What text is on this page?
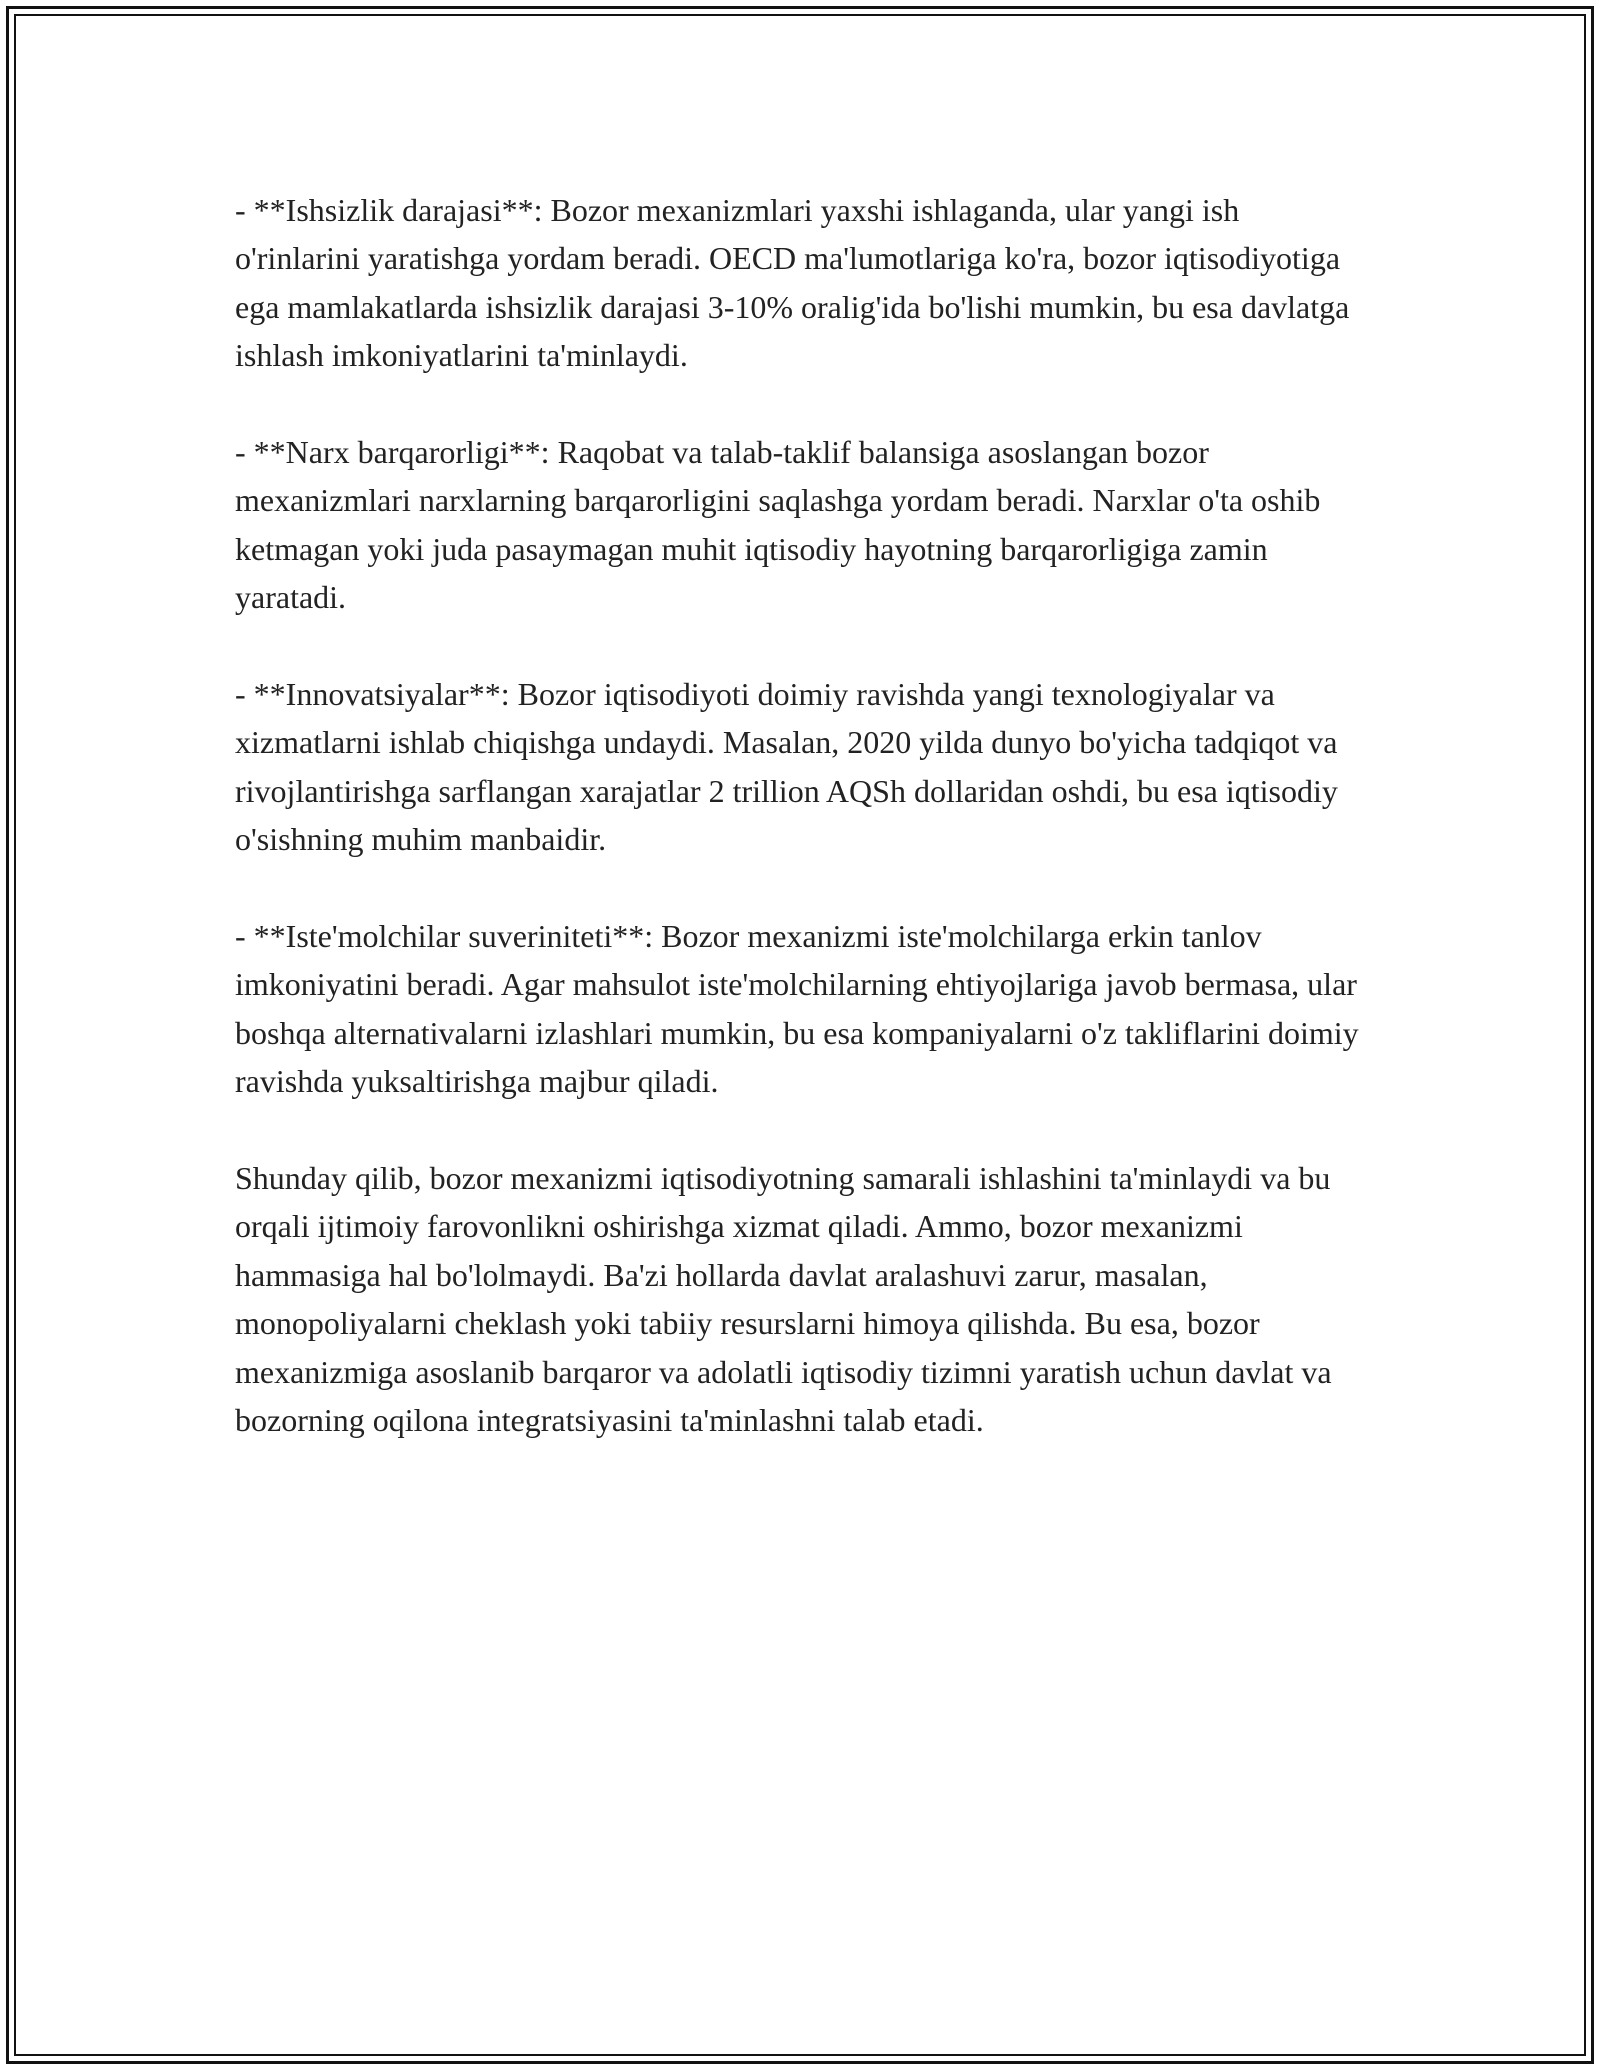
- **Ishsizlik darajasi**: Bozor mexanizmlari yaxshi ishlaganda, ular yangi ish o'rinlarini yaratishga yordam beradi. OECD ma'lumotlariga ko'ra, bozor iqtisodiyotiga ega mamlakatlarda ishsizlik darajasi 3-10% oralig'ida bo'lishi mumkin, bu esa davlatga ishlash imkoniyatlarini ta'minlaydi.

- **Narx barqarorligi**: Raqobat va talab-taklif balansiga asoslangan bozor mexanizmlari narxlarning barqarorligini saqlashga yordam beradi. Narxlar o'ta oshib ketmagan yoki juda pasaymagan muhit iqtisodiy hayotning barqarorligiga zamin yaratadi.

- **Innovatsiyalar**: Bozor iqtisodiyoti doimiy ravishda yangi texnologiyalar va xizmatlarni ishlab chiqishga undaydi. Masalan, 2020 yilda dunyo bo'yicha tadqiqot va rivojlantirishga sarflangan xarajatlar 2 trillion AQSh dollaridan oshdi, bu esa iqtisodiy o'sishning muhim manbaidir.

- **Iste'molchilar suveriniteti**: Bozor mexanizmi iste'molchilarga erkin tanlov imkoniyatini beradi. Agar mahsulot iste'molchilarning ehtiyojlariga javob bermasa, ular boshqa alternativalarni izlashlari mumkin, bu esa kompaniyalarni o'z takliflarini doimiy ravishda yuksaltirishga majbur qiladi.

Shunday qilib, bozor mexanizmi iqtisodiyotning samarali ishlashini ta'minlaydi va bu orqali ijtimoiy farovonlikni oshirishga xizmat qiladi. Ammo, bozor mexanizmi hammasiga hal bo'lolmaydi. Ba'zi hollarda davlat aralashuvi zarur, masalan, monopoliyalarni cheklash yoki tabiiy resurslarni himoya qilishda. Bu esa, bozor mexanizmiga asoslanib barqaror va adolatli iqtisodiy tizimni yaratish uchun davlat va bozorning oqilona integratsiyasini ta'minlashni talab etadi.
